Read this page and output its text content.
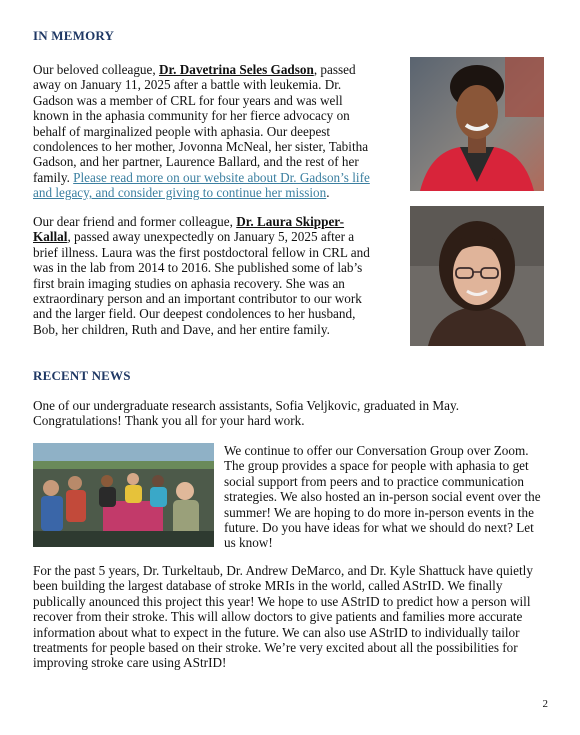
IN MEMORY

Our beloved colleague, Dr. Davetrina Seles Gadson, passed away on January 11, 2025 after a battle with leukemia. Dr. Gadson was a member of CRL for four years and was well known in the aphasia community for her fierce advocacy on behalf of marginalized people with aphasia. Our deepest condolences to her mother, Jovonna McNeal, her sister, Tabitha Gadson, and her partner, Laurence Ballard, and the rest of her family. Please read more on our website about Dr. Gadson’s life and legacy, and consider giving to continue her mission.

Our dear friend and former colleague, Dr. Laura Skipper-Kallal, passed away unexpectedly on January 5, 2025 after a brief illness. Laura was the first postdoctoral fellow in CRL and was in the lab from 2014 to 2016. She published some of lab’s first brain imaging studies on aphasia recovery. She was an extraordinary person and an important contributor to our work and the larger field. Our deepest condolences to her husband, Bob, her children, Ruth and Dave, and her entire family.

RECENT NEWS

One of our undergraduate research assistants, Sofia Veljkovic, graduated in May. Congratulations! Thank you all for your hard work.

We continue to offer our Conversation Group over Zoom. The group provides a space for people with aphasia to get social support from peers and to practice communication strategies. We also hosted an in-person social event over the summer! We are hoping to do more in-person events in the future. Do you have ideas for what we should do next? Let us know!

For the past 5 years, Dr. Turkeltaub, Dr. Andrew DeMarco, and Dr. Kyle Shattuck have quietly been building the largest database of stroke MRIs in the world, called AStrID. We finally publically anounced this project this year! We hope to use AStrID to predict how a person will recover from their stroke. This will allow doctors to give patients and families more accurate information about what to expect in the future. We can also use AStrID to individually tailor treatments for people based on their stroke. We’re very excited about all the possibilities for improving stroke care using AStrID!

2
